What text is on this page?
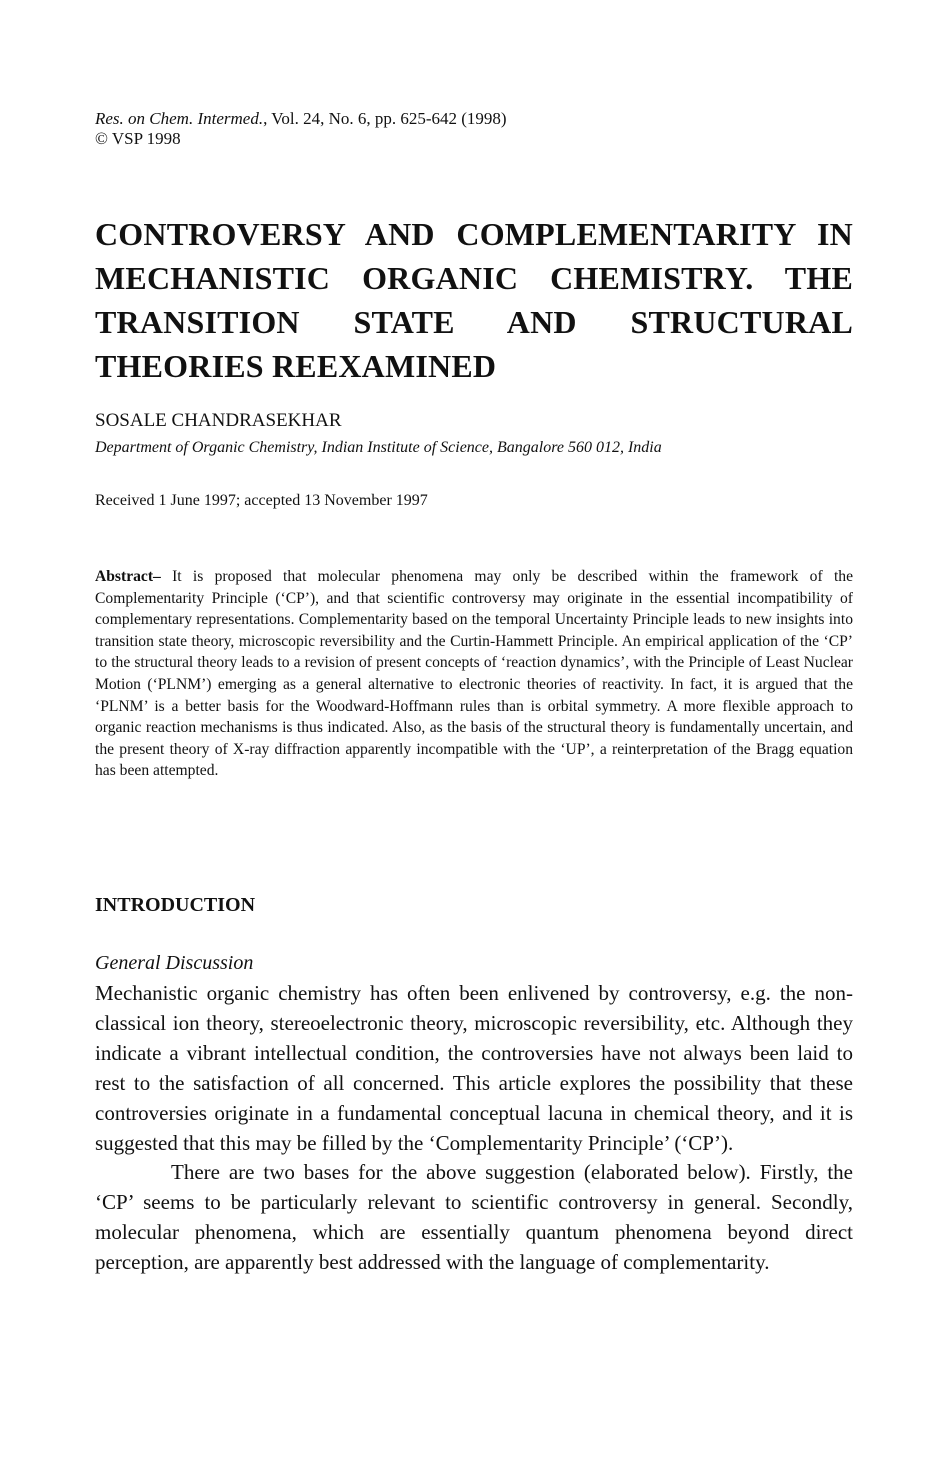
Res. on Chem. Intermed., Vol. 24, No. 6, pp. 625-642 (1998)
© VSP 1998
CONTROVERSY AND COMPLEMENTARITY IN MECHANISTIC ORGANIC CHEMISTRY. THE TRANSITION STATE AND STRUCTURAL THEORIES REEXAMINED
SOSALE CHANDRASEKHAR
Department of Organic Chemistry, Indian Institute of Science, Bangalore 560 012, India
Received 1 June 1997; accepted 13 November 1997

Abstract– It is proposed that molecular phenomena may only be described within the framework of the Complementarity Principle (‘CP’), and that scientific controversy may originate in the essential incompatibility of complementary representations. Complementarity based on the temporal Uncertainty Principle leads to new insights into transition state theory, microscopic reversibility and the Curtin-Hammett Principle. An empirical application of the ‘CP’ to the structural theory leads to a revision of present concepts of ‘reaction dynamics’, with the Principle of Least Nuclear Motion (‘PLNM’) emerging as a general alternative to electronic theories of reactivity. In fact, it is argued that the ‘PLNM’ is a better basis for the Woodward-Hoffmann rules than is orbital symmetry. A more flexible approach to organic reaction mechanisms is thus indicated. Also, as the basis of the structural theory is fundamentally uncertain, and the present theory of X-ray diffraction apparently incompatible with the ‘UP’, a reinterpretation of the Bragg equation has been attempted.

INTRODUCTION
General Discussion

Mechanistic organic chemistry has often been enlivened by controversy, e.g. the non-classical ion theory, stereoelectronic theory, microscopic reversibility, etc. Although they indicate a vibrant intellectual condition, the controversies have not always been laid to rest to the satisfaction of all concerned. This article explores the possibility that these controversies originate in a fundamental conceptual lacuna in chemical theory, and it is suggested that this may be filled by the ‘Complementarity Principle’ (‘CP’).

There are two bases for the above suggestion (elaborated below). Firstly, the ‘CP’ seems to be particularly relevant to scientific controversy in general. Secondly, molecular phenomena, which are essentially quantum phenomena beyond direct perception, are apparently best addressed with the language of complementarity.
